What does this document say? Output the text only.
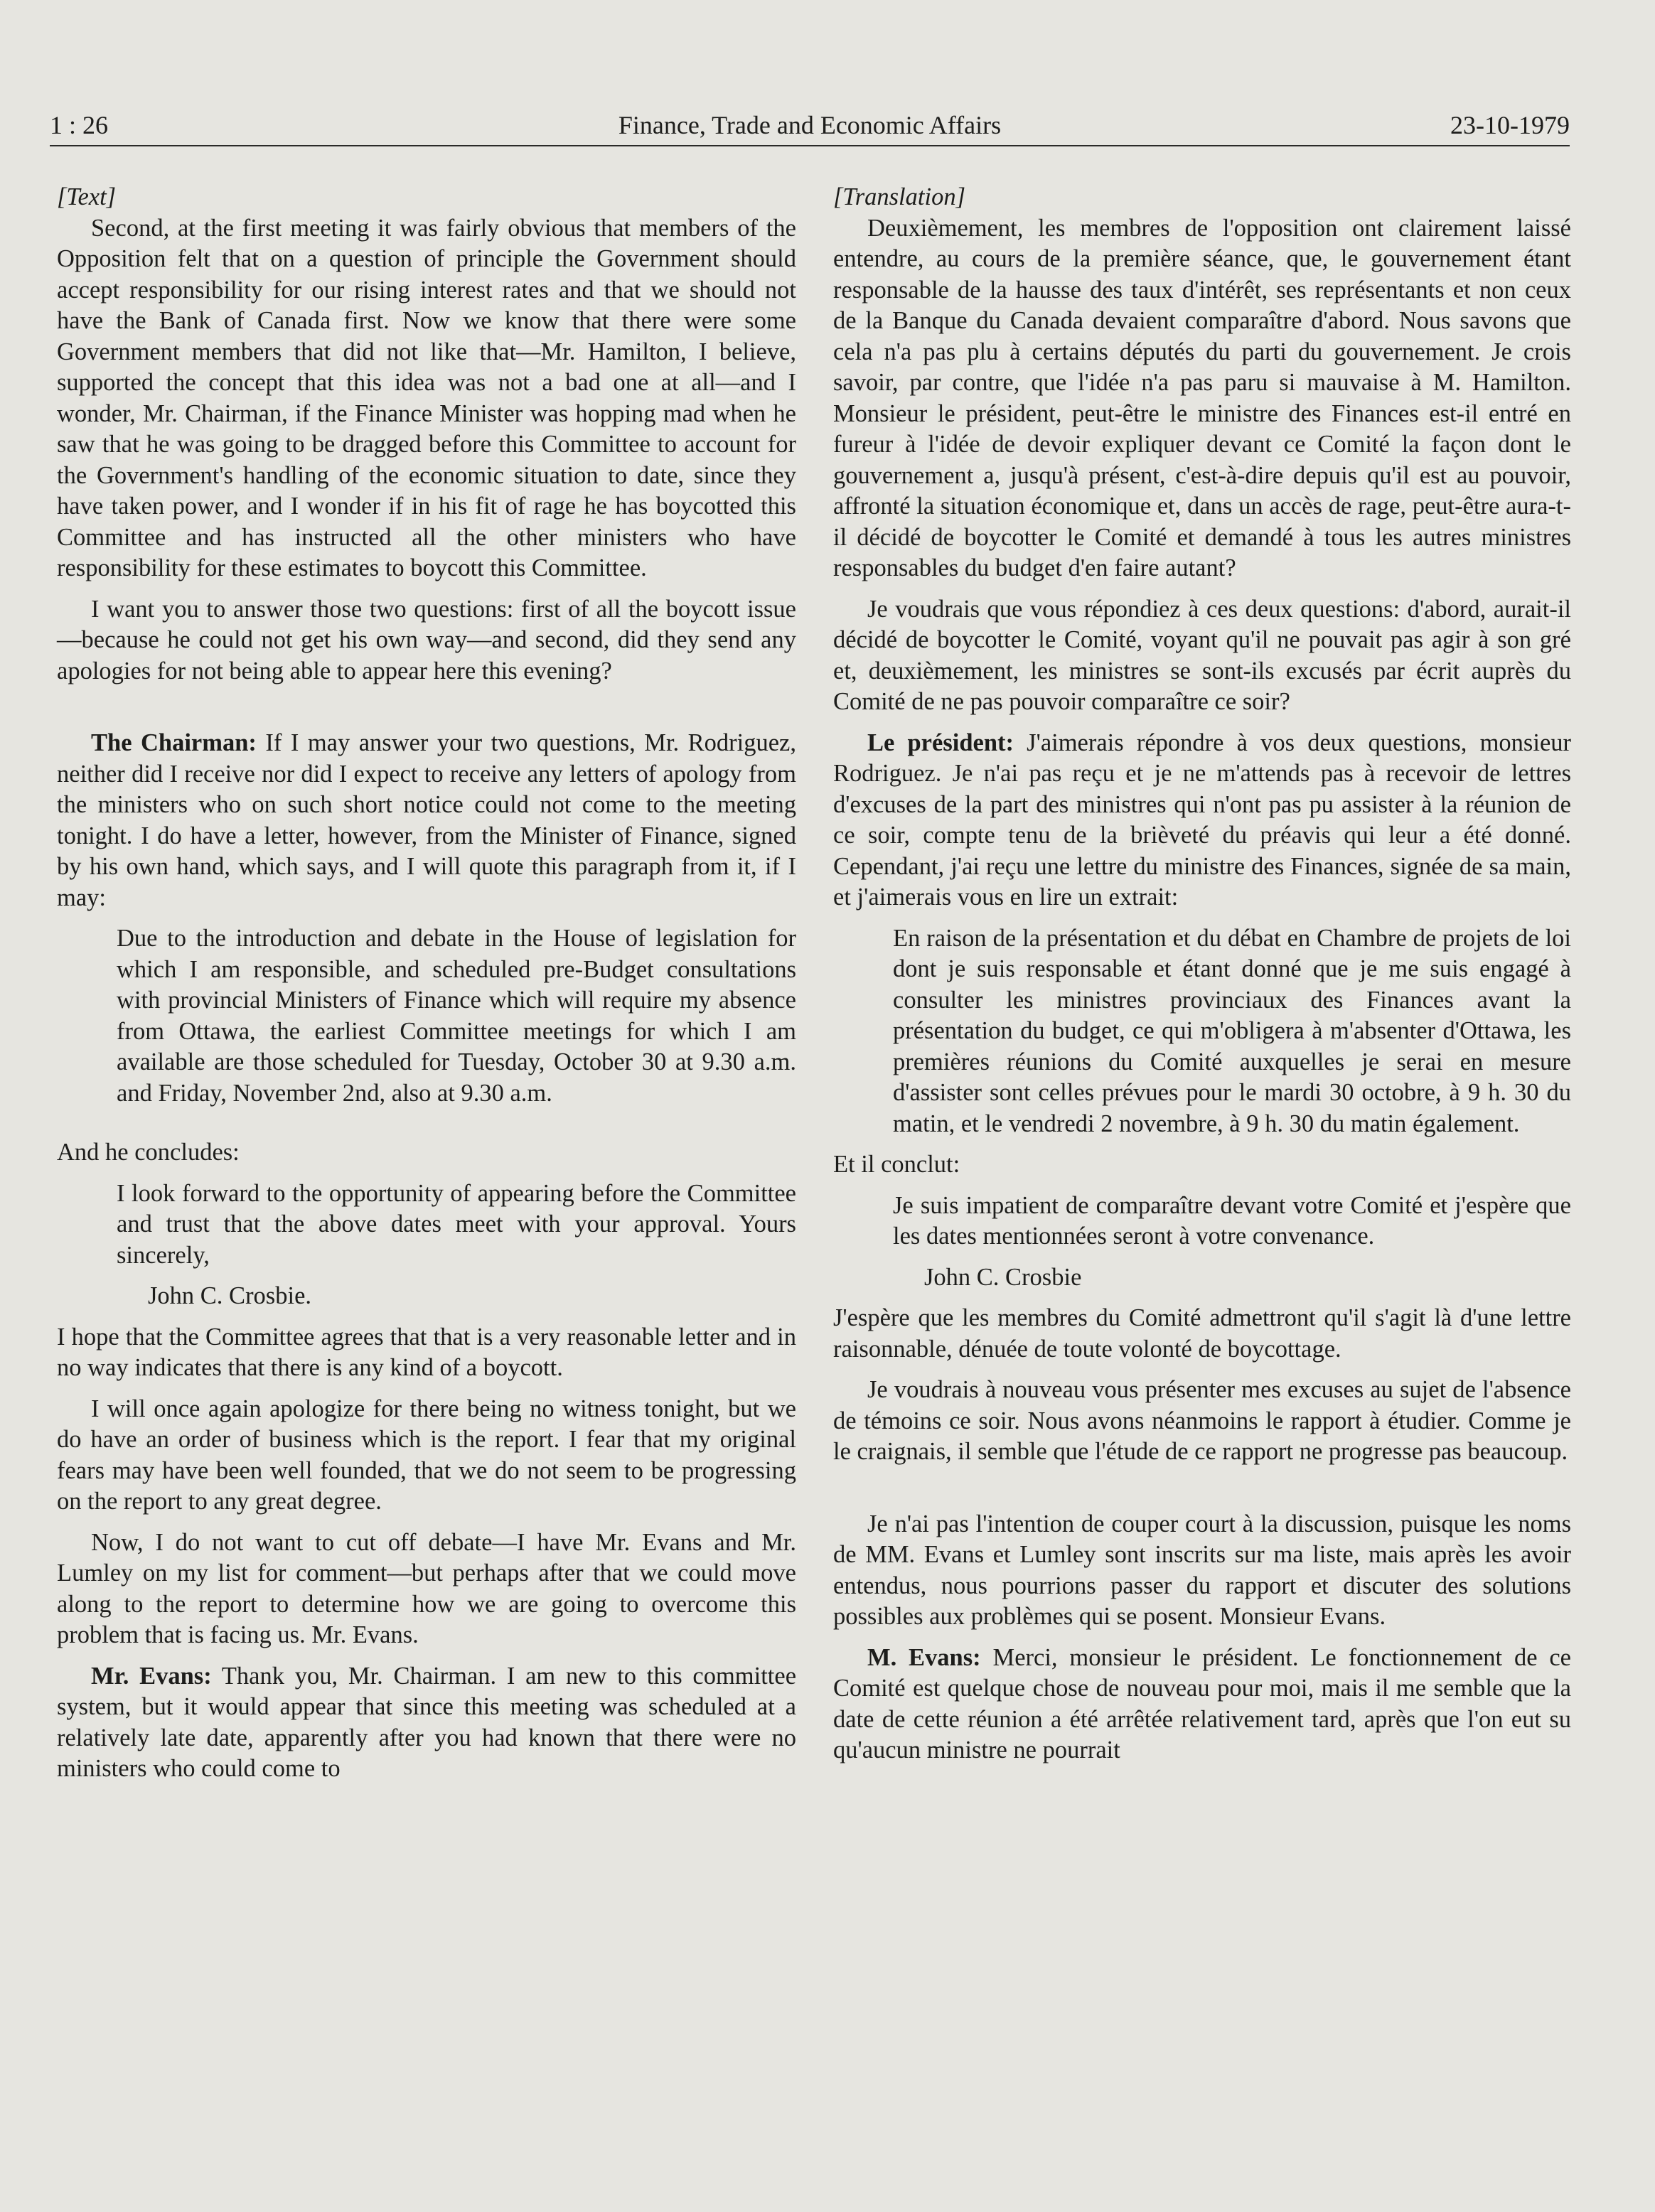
1 : 26	Finance, Trade and Economic Affairs	23-10-1979

[Text]

Second, at the first meeting it was fairly obvious that members of the Opposition felt that on a question of principle the Government should accept responsibility for our rising interest rates and that we should not have the Bank of Canada first. Now we know that there were some Government members that did not like that—Mr. Hamilton, I believe, supported the concept that this idea was not a bad one at all—and I wonder, Mr. Chairman, if the Finance Minister was hopping mad when he saw that he was going to be dragged before this Committee to account for the Government's handling of the economic situation to date, since they have taken power, and I wonder if in his fit of rage he has boycotted this Committee and has instructed all the other ministers who have responsibility for these estimates to boycott this Committee.

I want you to answer those two questions: first of all the boycott issue—because he could not get his own way—and second, did they send any apologies for not being able to appear here this evening?

The Chairman: If I may answer your two questions, Mr. Rodriguez, neither did I receive nor did I expect to receive any letters of apology from the ministers who on such short notice could not come to the meeting tonight. I do have a letter, however, from the Minister of Finance, signed by his own hand, which says, and I will quote this paragraph from it, if I may:

Due to the introduction and debate in the House of legislation for which I am responsible, and scheduled pre-Budget consultations with provincial Ministers of Finance which will require my absence from Ottawa, the earliest Committee meetings for which I am available are those scheduled for Tuesday, October 30 at 9.30 a.m. and Friday, November 2nd, also at 9.30 a.m.

And he concludes:

I look forward to the opportunity of appearing before the Committee and trust that the above dates meet with your approval. Yours sincerely,

John C. Crosbie.

I hope that the Committee agrees that that is a very reasonable letter and in no way indicates that there is any kind of a boycott.

I will once again apologize for there being no witness tonight, but we do have an order of business which is the report. I fear that my original fears may have been well founded, that we do not seem to be progressing on the report to any great degree.

Now, I do not want to cut off debate—I have Mr. Evans and Mr. Lumley on my list for comment—but perhaps after that we could move along to the report to determine how we are going to overcome this problem that is facing us. Mr. Evans.

Mr. Evans: Thank you, Mr. Chairman. I am new to this committee system, but it would appear that since this meeting was scheduled at a relatively late date, apparently after you had known that there were no ministers who could come to

[Translation]

Deuxièmement, les membres de l'opposition ont clairement laissé entendre, au cours de la première séance, que, le gouvernement étant responsable de la hausse des taux d'intérêt, ses représentants et non ceux de la Banque du Canada devaient comparaître d'abord. Nous savons que cela n'a pas plu à certains députés du parti du gouvernement. Je crois savoir, par contre, que l'idée n'a pas paru si mauvaise à M. Hamilton. Monsieur le président, peut-être le ministre des Finances est-il entré en fureur à l'idée de devoir expliquer devant ce Comité la façon dont le gouvernement a, jusqu'à présent, c'est-à-dire depuis qu'il est au pouvoir, affronté la situation économique et, dans un accès de rage, peut-être aura-t-il décidé de boycotter le Comité et demandé à tous les autres ministres responsables du budget d'en faire autant?

Je voudrais que vous répondiez à ces deux questions: d'abord, aurait-il décidé de boycotter le Comité, voyant qu'il ne pouvait pas agir à son gré et, deuxièmement, les ministres se sont-ils excusés par écrit auprès du Comité de ne pas pouvoir comparaître ce soir?

Le président: J'aimerais répondre à vos deux questions, monsieur Rodriguez. Je n'ai pas reçu et je ne m'attends pas à recevoir de lettres d'excuses de la part des ministres qui n'ont pas pu assister à la réunion de ce soir, compte tenu de la brièveté du préavis qui leur a été donné. Cependant, j'ai reçu une lettre du ministre des Finances, signée de sa main, et j'aimerais vous en lire un extrait:

En raison de la présentation et du débat en Chambre de projets de loi dont je suis responsable et étant donné que je me suis engagé à consulter les ministres provinciaux des Finances avant la présentation du budget, ce qui m'obligera à m'absenter d'Ottawa, les premières réunions du Comité auxquelles je serai en mesure d'assister sont celles prévues pour le mardi 30 octobre, à 9 h. 30 du matin, et le vendredi 2 novembre, à 9 h. 30 du matin également.

Et il conclut:

Je suis impatient de comparaître devant votre Comité et j'espère que les dates mentionnées seront à votre convenance.

John C. Crosbie

J'espère que les membres du Comité admettront qu'il s'agit là d'une lettre raisonnable, dénuée de toute volonté de boycottage.

Je voudrais à nouveau vous présenter mes excuses au sujet de l'absence de témoins ce soir. Nous avons néanmoins le rapport à étudier. Comme je le craignais, il semble que l'étude de ce rapport ne progresse pas beaucoup.

Je n'ai pas l'intention de couper court à la discussion, puisque les noms de MM. Evans et Lumley sont inscrits sur ma liste, mais après les avoir entendus, nous pourrions passer du rapport et discuter des solutions possibles aux problèmes qui se posent. Monsieur Evans.

M. Evans: Merci, monsieur le président. Le fonctionnement de ce Comité est quelque chose de nouveau pour moi, mais il me semble que la date de cette réunion a été arrêtée relativement tard, après que l'on eut su qu'aucun ministre ne pourrait
